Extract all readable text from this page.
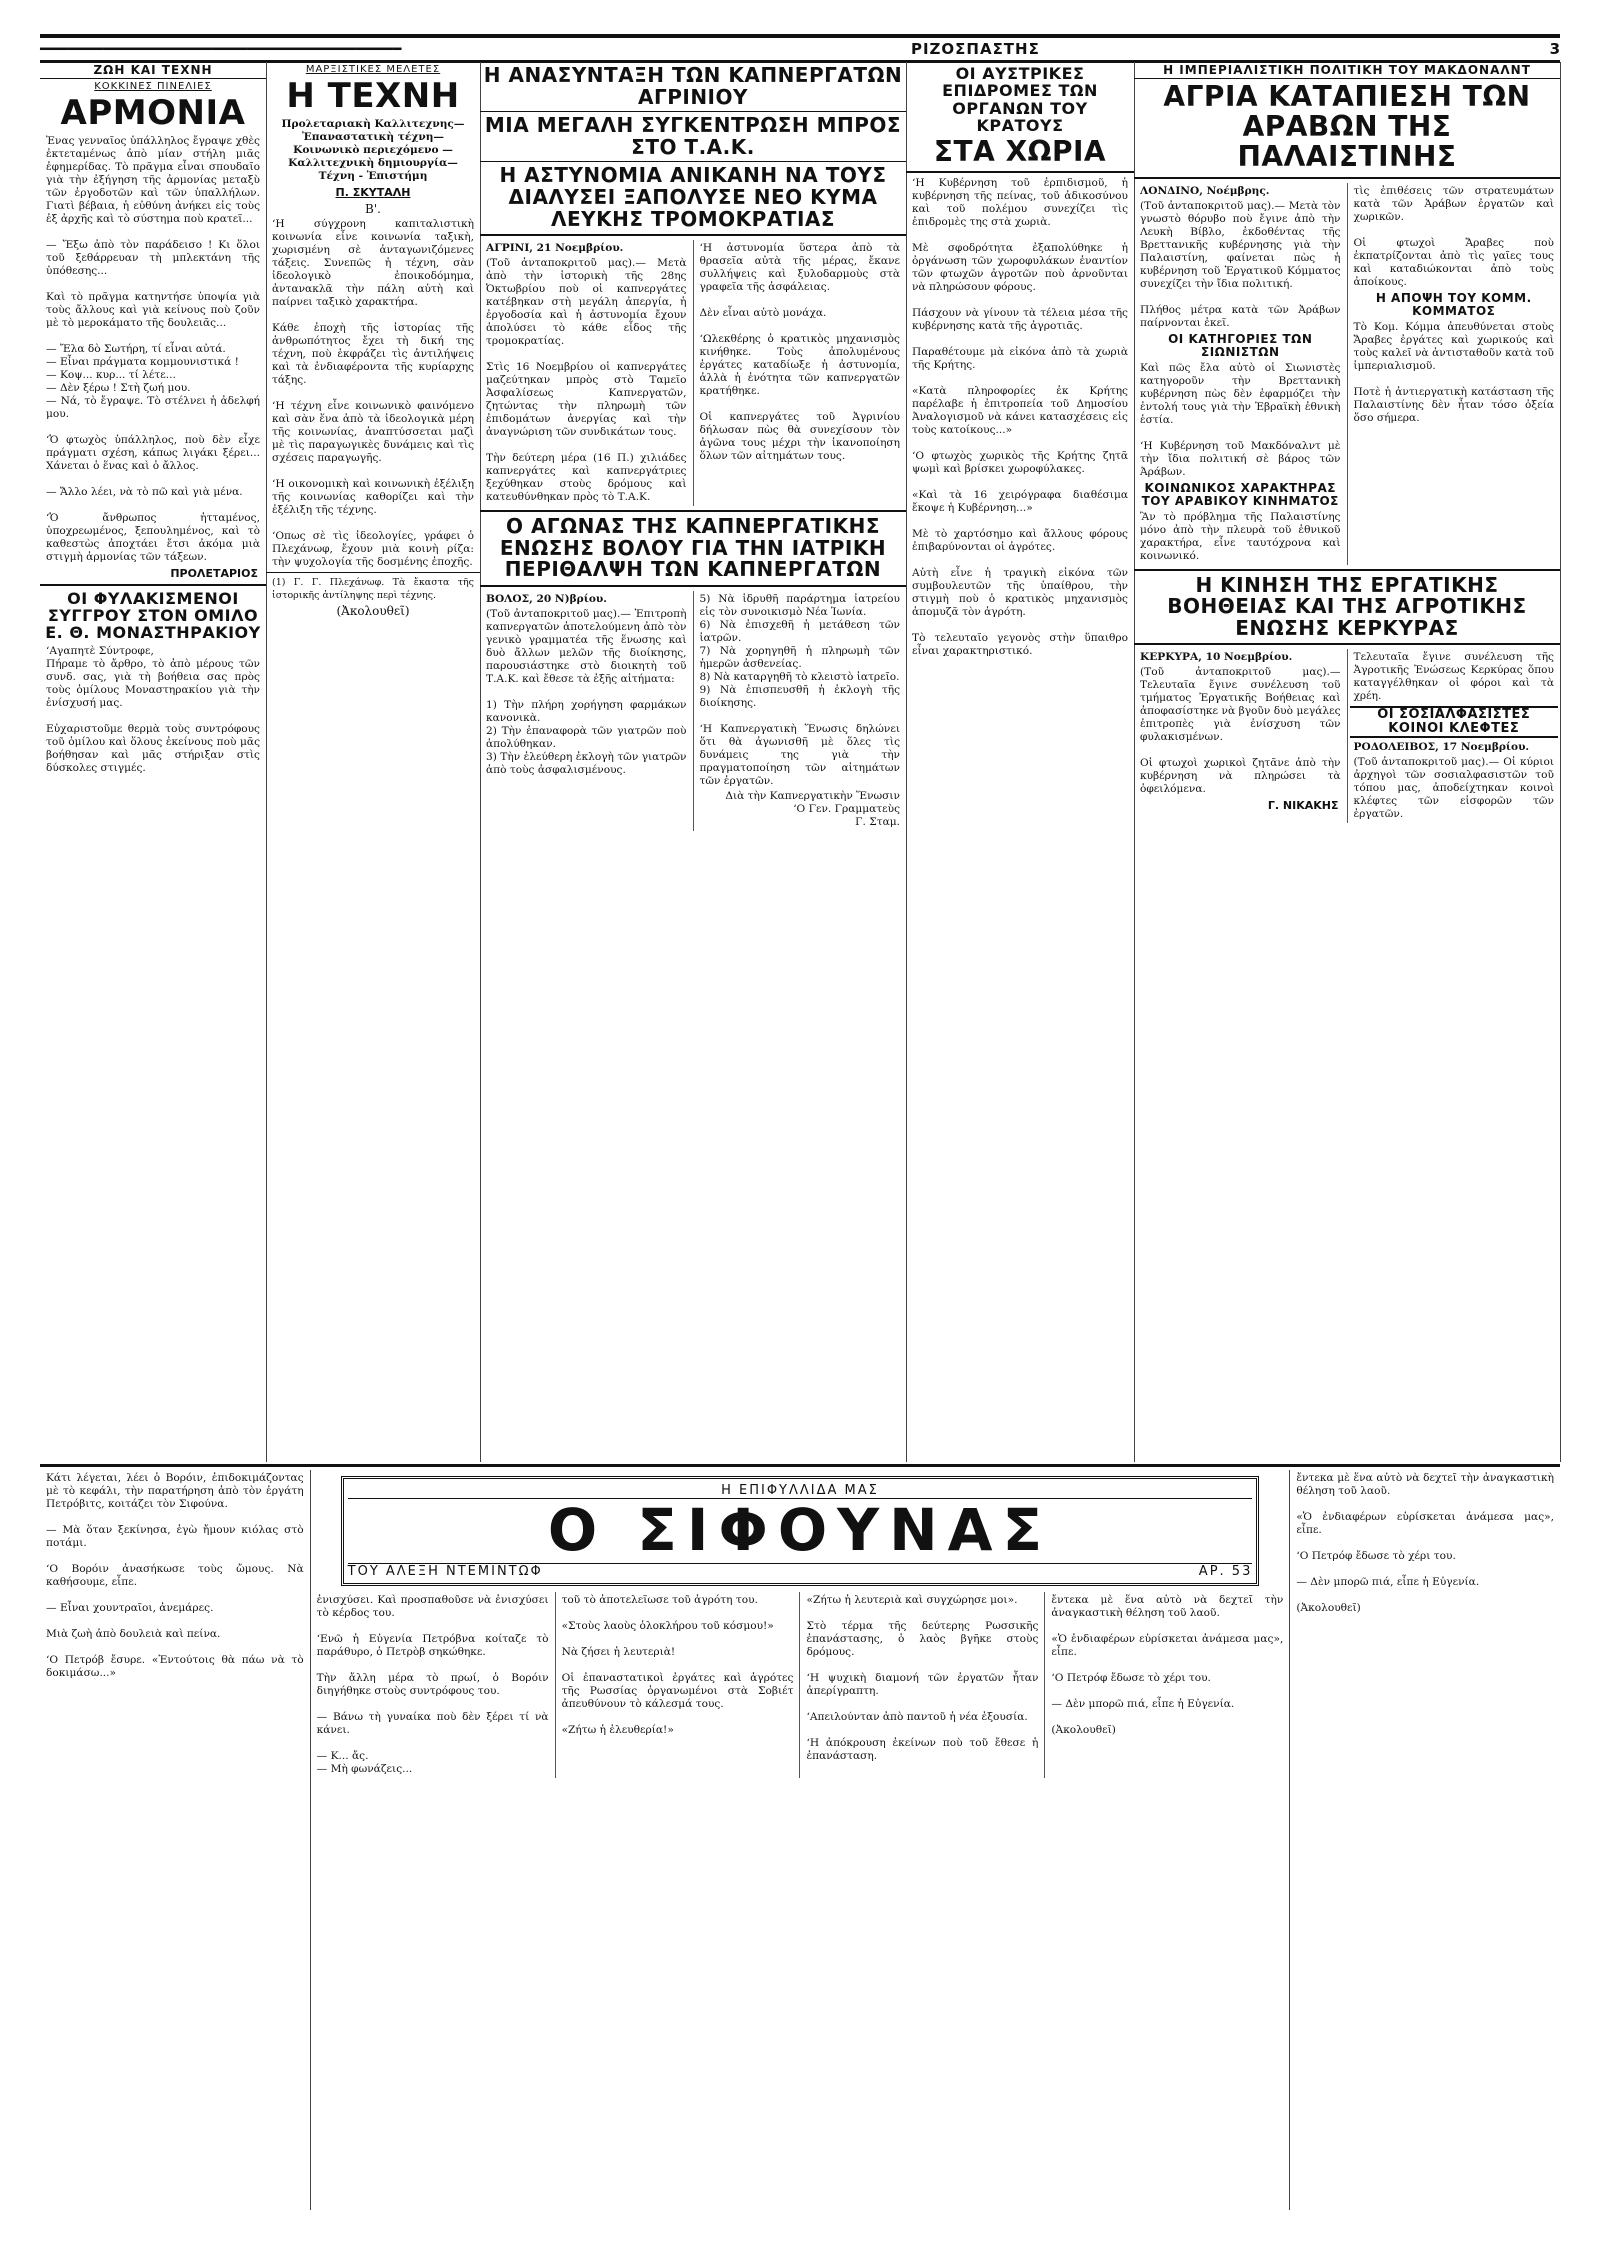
━━━━━━━━━━━━━━━━━━━━━━━━━━━━━━━━━━━━━━━━	ΡΙΖΟΣΠΑΣΤΗΣ	3
ΖΩΗ ΚΑΙ ΤΕΧΝΗ
ΚΟΚΚΙΝΕΣ ΠΙΝΕΛΙΕΣ
ΑΡΜΟΝΙΑ
Ἐνας γενναῖος ὑπάλληλος ἔγραψε χθὲς ἐκτεταμένως ἀπὸ μίαν στήλη μιᾶς ἐφημερίδας. Τὸ πρᾶγμα εἶναι σπουδαῖο γιὰ τὴν ἐξήγηση τῆς ἀρμονίας μεταξὺ τῶν ἐργοδοτῶν καὶ τῶν ὑπαλλήλων. Γιατὶ βέβαια, ἡ εὐθύνη ἀνήκει εἰς τοὺς ἐξ ἀρχῆς καὶ τὸ σύστημα ποὺ κρατεῖ...

— Ἔξω ἀπὸ τὸν παράδεισο ! Κι ὅλοι τοῦ ξεθάρρευαν τὴ μπλεκτάνη τῆς ὑπόθεσης...

Καὶ τὸ πρᾶγμα κατηντήσε ὑποψία γιὰ τοὺς ἄλλους καὶ γιὰ κείνους ποὺ ζοῦν μὲ τὸ μεροκάματο τῆς δουλειᾶς...

— Ἔλα δὸ Σωτήρη, τί εἶναι αὐτά.
— Εἶναι πράγματα κομμουνιστικά !
— Κοψ... κυρ... τί λέτε...
— Δὲν ξέρω ! Στὴ ζωή μου.
— Νά, τὸ ἔγραψε. Τὸ στέλνει ἡ ἀδελφή μου.

‘Ὁ φτωχὸς ὑπάλληλος, ποὺ δὲν εἶχε πράγματι σχέση, κάπως λιγάκι ξέρει... Χάνεται ὁ ἕνας καὶ ὁ ἄλλος.

— Ἄλλο λέει, νὰ τὸ πῶ καὶ γιὰ μένα.

‘Ὁ ἄνθρωπος ἡτταμένος, ὑποχρεωμένος, ξεπουλημένος, καὶ τὸ καθεστὼς ἀποχτάει ἔτσι ἀκόμα μιὰ στιγμὴ ἀρμονίας τῶν τάξεων.
ΠΡΟΛΕΤΑΡΙΟΣ
ΟΙ ΦΥΛΑΚΙΣΜΕΝΟΙ ΣΥΓΓΡΟΥ ΣΤΟΝ ΟΜΙΛΟ Ε. Θ. ΜΟΝΑΣΤΗΡΑΚΙΟΥ
‘Αγαπητὲ Σύντροφε,
Πήραμε τὸ ἄρθρο, τὸ ἀπὸ μέρους τῶν συνδ. σας, γιὰ τὴ βοήθεια σας πρὸς τοὺς ὁμίλους Μοναστηρακίου γιὰ τὴν ἐνίσχυσή μας.

Εὐχαριστοῦμε θερμὰ τοὺς συντρόφους τοῦ ὁμίλου καὶ ὅλους ἐκείνους ποὺ μᾶς βοήθησαν καὶ μᾶς στήριξαν στὶς δύσκολες στιγμές.
ΜΑΡΞΙΣΤΙΚΕΣ ΜΕΛΕΤΕΣ
Η ΤΕΧΝΗ
Προλεταριακὴ Καλλιτεχνης— Ἐπαναστατικὴ τέχνη— Κοινωνικὸ περιεχόμενο — Καλλιτεχνικὴ δημιουργία— Τέχνη - Ἐπιστήμη
Π. ΣΚΥΤΑΛΗ
Β'.
‘Η σύγχρονη καπιταλιστικὴ κοινωνία εἶνε κοινωνία ταξικὴ, χωρισμένη σὲ ἀνταγωνιζόμενες τάξεις. Συνεπῶς ἡ τέχνη, σὰν ἰδεολογικὸ ἐποικοδόμημα, ἀντανακλᾶ τὴν πάλη αὐτὴ καὶ παίρνει ταξικὸ χαρακτήρα.

Κάθε ἐποχὴ τῆς ἱστορίας τῆς ἀνθρωπότητος ἔχει τὴ δική της τέχνη, ποὺ ἐκφράζει τὶς ἀντιλήψεις καὶ τὰ ἐνδιαφέροντα τῆς κυρίαρχης τάξης.

‘Η τέχνη εἶνε κοινωνικὸ φαινόμενο καὶ σὰν ἕνα ἀπὸ τὰ ἰδεολογικὰ μέρη τῆς κοινωνίας, ἀναπτύσσεται μαζὶ μὲ τὶς παραγωγικὲς δυνάμεις καὶ τὶς σχέσεις παραγωγῆς.

‘Η οικονομικὴ καὶ κοινωνικὴ ἐξέλιξη τῆς κοινωνίας καθορίζει καὶ τὴν ἐξέλιξη τῆς τέχνης.

‘Οπως σὲ τὶς ἰδεολογίες, γράφει ὁ Πλεχάνωφ, ἔχουν μιὰ κοινὴ ρίζα: τὴν ψυχολογία τῆς δοσμένης ἐποχῆς.
(1) Γ. Γ. Πλεχάνωφ. Τὰ ἔκαστα τῆς ἱστορικῆς ἀντίληψης περὶ τέχνης.
(Ἀκολουθεῖ)
Η ΑΝΑΣΥΝΤΑΞΗ ΤΩΝ ΚΑΠΝΕΡΓΑΤΩΝ ΑΓΡΙΝΙΟΥ
ΜΙΑ ΜΕΓΑΛΗ ΣΥΓΚΕΝΤΡΩΣΗ ΜΠΡΟΣ ΣΤΟ Τ.Α.Κ.
Η ΑΣΤΥΝΟΜΙΑ ΑΝΙΚΑΝΗ ΝΑ ΤΟΥΣ ΔΙΑΛΥΣΕΙ ΞΑΠΟΛΥΣΕ ΝΕΟ ΚΥΜΑ ΛΕΥΚΗΣ ΤΡΟΜΟΚΡΑΤΙΑΣ
ΑΓΡΙΝΙ, 21 Νοεμβρίου.
(Τοῦ ἀνταποκριτοῦ μας).— Μετὰ ἀπὸ τὴν ἱστορικὴ τῆς 28ης Ὀκτωβρίου ποὺ οἱ καπνεργάτες κατέβηκαν στὴ μεγάλη ἀπεργία, ἡ ἐργοδοσία καὶ ἡ ἀστυνομία ἔχουν ἀπολύσει τὸ κάθε εἶδος τῆς τρομοκρατίας.

Στὶς 16 Νοεμβρίου οἱ καπνεργάτες μαζεύτηκαν μπρὸς στὸ Ταμεῖο Ἀσφαλίσεως Καπνεργατῶν, ζητώντας τὴν πληρωμὴ τῶν ἐπιδομάτων ἀνεργίας καὶ τὴν ἀναγνώριση τῶν συνδικάτων τους.

Τὴν δεύτερη μέρα (16 Π.) χιλιάδες καπνεργάτες καὶ καπνεργάτριες ξεχύθηκαν στοὺς δρόμους καὶ κατευθύνθηκαν πρὸς τὸ Τ.Α.Κ.
‘Η ἀστυνομία ὕστερα ἀπὸ τὰ θρασεῖα αὐτὰ τῆς μέρας, ἔκανε συλλήψεις καὶ ξυλοδαρμοὺς στὰ γραφεῖα τῆς ἀσφάλειας.

Δὲν εἶναι αὐτὸ μονάχα.

‘Ωλεκθέρης ὁ κρατικὸς μηχανισμὸς κινήθηκε. Τοὺς ἀπολυμένους ἐργάτες καταδίωξε ἡ ἀστυνομία, ἀλλὰ ἡ ἑνότητα τῶν καπνεργατῶν κρατήθηκε.

Οἱ καπνεργάτες τοῦ Ἀγρινίου δήλωσαν πὼς θὰ συνεχίσουν τὸν ἀγῶνα τους μέχρι τὴν ἱκανοποίηση ὅλων τῶν αἰτημάτων τους.
Ο ΑΓΩΝΑΣ ΤΗΣ ΚΑΠΝΕΡΓΑΤΙΚΗΣ ΕΝΩΣΗΣ ΒΟΛΟΥ ΓΙΑ ΤΗΝ ΙΑΤΡΙΚΗ ΠΕΡΙΘΑΛΨΗ ΤΩΝ ΚΑΠΝΕΡΓΑΤΩΝ
ΒΟΛΟΣ, 20 Ν)βρίου.
(Τοῦ ἀνταποκριτοῦ μας).— Ἐπιτροπὴ καπνεργατῶν ἀποτελούμενη ἀπὸ τὸν γενικὸ γραμματέα τῆς ἕνωσης καὶ δυὸ ἄλλων μελῶν τῆς διοίκησης, παρουσιάστηκε στὸ διοικητὴ τοῦ Τ.Α.Κ. καὶ ἔθεσε τὰ ἐξῆς αἰτήματα:

1) Τὴν πλήρη χορήγηση φαρμάκων κανονικὰ.
2) Τὴν ἐπαναφορὰ τῶν γιατρῶν ποὺ ἀπολύθηκαν.
3) Τὴν ἐλεύθερη ἐκλογὴ τῶν γιατρῶν ἀπὸ τοὺς ἀσφαλισμένους.
5) Νὰ ἱδρυθῆ παράρτημα ἰατρείου εἰς τὸν συνοικισμὸ Νέα Ἰωνία.
6) Νὰ ἐπισχεθῆ ἡ μετάθεση τῶν ἰατρῶν.
7) Νὰ χορηγηθῆ ἡ πληρωμὴ τῶν ἡμερῶν ἀσθενείας.
8) Νὰ καταργηθῆ τὸ κλειστὸ ἰατρεῖο.
9) Νὰ ἐπισπευσθῆ ἡ ἐκλογὴ τῆς διοίκησης.

‘Η Καπνεργατικὴ Ἕνωσις δηλώνει ὅτι θὰ ἀγωνισθῆ μὲ ὅλες τὶς δυνάμεις της γιὰ τὴν πραγματοποίηση τῶν αἰτημάτων τῶν ἐργατῶν.
Διὰ τὴν Καπνεργατικὴν Ἕνωσιν
‘Ο Γεν. Γραμματεὺς
Γ. Σταμ.
ΟΙ ΑΥΣΤΡΙΚΕΣ ΕΠΙΔΡΟΜΕΣ ΤΩΝ ΟΡΓΑΝΩΝ ΤΟΥ ΚΡΑΤΟΥΣ
ΣΤΑ ΧΩΡΙΑ
‘Η Κυβέρνηση τοῦ ἐρπιδισμοῦ, ἡ κυβέρνηση τῆς πείνας, τοῦ ἀδικοσύνου καὶ τοῦ πολέμου συνεχίζει τὶς ἐπιδρομὲς της στὰ χωριὰ.

Μὲ σφοδρότητα ἐξαπολύθηκε ἡ ὀργάνωση τῶν χωροφυλάκων ἐναντίον τῶν φτωχῶν ἀγροτῶν ποὺ ἀρνοῦνται νὰ πληρώσουν φόρους.

Πάσχουν νὰ γίνουν τὰ τέλεια μέσα τῆς κυβέρνησης κατὰ τῆς ἀγροτιᾶς.

Παραθέτουμε μὰ εἰκόνα ἀπὸ τὰ χωριὰ τῆς Κρήτης.

«Κατὰ πληροφορίες ἐκ Κρήτης παρέλαβε ἡ ἐπιτροπεία τοῦ Δημοσίου Ἀναλογισμοῦ νὰ κάνει κατασχέσεις εἰς τοὺς κατοίκους...»

‘Ο φτωχὸς χωρικὸς τῆς Κρήτης ζητᾶ ψωμὶ καὶ βρίσκει χωροφύλακες.

«Καὶ τὰ 16 χειρόγραφα διαθέσιμα ἔκοψε ἡ Κυβέρνηση...»

Μὲ τὸ χαρτόσημο καὶ ἄλλους φόρους ἐπιβαρύνονται οἱ ἀγρότες.

Αὐτὴ εἶνε ἡ τραγικὴ εἰκόνα τῶν συμβουλευτῶν τῆς ὑπαίθρου, τὴν στιγμὴ ποὺ ὁ κρατικὸς μηχανισμὸς ἀπομυζᾶ τὸν ἀγρότη.

Τὸ τελευταῖο γεγονὸς στὴν ὕπαιθρο εἶναι χαρακτηριστικό.
Η ΙΜΠΕΡΙΑΛΙΣΤΙΚΗ ΠΟΛΙΤΙΚΗ ΤΟΥ ΜΑΚΔΟΝΑΛΝΤ
ΑΓΡΙΑ ΚΑΤΑΠΙΕΣΗ ΤΩΝ ΑΡΑΒΩΝ ΤΗΣ ΠΑΛΑΙΣΤΙΝΗΣ
ΛΟΝΔΙΝΟ, Νοέμβρης.
(Τοῦ ἀνταποκριτοῦ μας).— Μετὰ τὸν γνωστὸ θόρυβο ποὺ ἔγινε ἀπὸ τὴν Λευκὴ Βίβλο, ἐκδοθέντας τῆς Βρεττανικῆς κυβέρνησης γιὰ τὴν Παλαιστίνη, φαίνεται πὼς ἡ κυβέρνηση τοῦ Ἐργατικοῦ Κόμματος συνεχίζει τὴν ἴδια πολιτική.

Πλήθος μέτρα κατὰ τῶν Ἀράβων παίρνονται ἐκεῖ.
ΟΙ ΚΑΤΗΓΟΡΙΕΣ ΤΩΝ ΣΙΩΝΙΣΤΩΝ
Καὶ πῶς ἔλα αὐτὸ οἱ Σιωνιστὲς κατηγοροῦν τὴν Βρεττανικὴ κυβέρνηση πὼς δὲν ἐφαρμόζει τὴν ἐντολή τους γιὰ τὴν Ἑβραϊκὴ ἐθνικὴ ἑστία.

‘Η Κυβέρνηση τοῦ Μακδόναλντ μὲ τὴν ἴδια πολιτική σὲ βάρος τῶν Ἀράβων.
ΚΟΙΝΩΝΙΚΟΣ ΧΑΡΑΚΤΗΡΑΣ ΤΟΥ ΑΡΑΒΙΚΟΥ ΚΙΝΗΜΑΤΟΣ
Ἂν τὸ πρόβλημα τῆς Παλαιστίνης μόνο ἀπὸ τὴν πλευρὰ τοῦ ἐθνικοῦ χαρακτήρα, εἶνε ταυτόχρονα καὶ κοινωνικό.
τὶς ἐπιθέσεις τῶν στρατευμάτων κατὰ τῶν Ἀράβων ἐργατῶν καὶ χωρικῶν.

Οἱ φτωχοὶ Ἄραβες ποὺ ἐκπατρίζονται ἀπὸ τὶς γαῖες τους καὶ καταδιώκονται ἀπὸ τοὺς ἀποίκους.
Η ΑΠΟΨΗ ΤΟΥ ΚΟΜΜ. ΚΟΜΜΑΤΟΣ
Τὸ Κομ. Κόμμα ἀπευθύνεται στοὺς Ἄραβες ἐργάτες καὶ χωρικούς καὶ τοὺς καλεῖ νὰ ἀντισταθοῦν κατὰ τοῦ ἰμπεριαλισμοῦ.

Ποτὲ ἡ ἀντιεργατικὴ κατάσταση τῆς Παλαιστίνης δὲν ἦταν τόσο ὀξεία ὅσο σήμερα.
Η ΚΙΝΗΣΗ ΤΗΣ ΕΡΓΑΤΙΚΗΣ ΒΟΗΘΕΙΑΣ ΚΑΙ ΤΗΣ ΑΓΡΟΤΙΚΗΣ ΕΝΩΣΗΣ ΚΕΡΚΥΡΑΣ
ΚΕΡΚΥΡΑ, 10 Νοεμβρίου.
(Τοῦ ἀνταποκριτοῦ μας).— Τελευταῖα ἔγινε συνέλευση τοῦ τμήματος Ἐργατικῆς Βοήθειας καὶ ἀποφασίστηκε νὰ βγοῦν δυὸ μεγάλες ἐπιτροπὲς γιὰ ἐνίσχυση τῶν φυλακισμένων.

Οἱ φτωχοὶ χωρικοὶ ζητᾶνε ἀπὸ τὴν κυβέρνηση νὰ πληρώσει τὰ ὀφειλόμενα.
Γ. ΝΙΚΑΚΗΣ
Τελευταῖα ἔγινε συνέλευση τῆς Ἀγροτικῆς Ἐνώσεως Κερκύρας ὅπου καταγγέλθηκαν οἱ φόροι καὶ τὰ χρέη.
ΟΙ ΣΟΣΙΑΛΦΑΣΙΣΤΕΣ ΚΟΙΝΟΙ ΚΛΕΦΤΕΣ
ΡΟΔΟΛΕΙΒΟΣ, 17 Νοεμβρίου.
(Τοῦ ἀνταποκριτοῦ μας).— Οἱ κύριοι ἀρχηγοὶ τῶν σοσιαλφασιστῶν τοῦ τόπου μας, ἀποδείχτηκαν κοινοὶ κλέφτες τῶν εἰσφορῶν τῶν ἐργατῶν.
Κάτι λέγεται, λέει ὁ Βορόιν, ἐπιδοκιμάζοντας μὲ τὸ κεφάλι, τὴν παρατήρηση ἀπὸ τὸν ἐργάτη Πετρόβιτς, κοιτάζει τὸν Σιφούνα.

— Μὰ ὅταν ξεκίνησα, ἐγὼ ἤμουν κιόλας στὸ ποτάμι.

‘Ο Βορόιν ἀνασήκωσε τοὺς ὤμους. Νὰ καθήσουμε, εἶπε.

— Εἶναι χουντραῖοι, ἀνεμάρες.

Μιὰ ζωὴ ἀπὸ δουλειὰ καὶ πείνα.

‘Ο Πετρόβ ἔσυρε. «Ἐντούτοις θὰ πάω νὰ τὸ δοκιμάσω...»
Η ΕΠΙΦΥΛΛΙΔΑ ΜΑΣ
Ο ΣΙΦΟΥΝΑΣ
ΤΟΥ ΑΛΕΞΗ ΝΤΕΜΙΝΤΩΦ	ΑΡ. 53
ἐνισχύσει. Καὶ προσπαθοῦσε νὰ ἐνισχύσει τὸ κέρδος του.

‘Ενῶ ἡ Εὐγενία Πετρόβνα κοίταζε τὸ παράθυρο, ὁ Πετρὸβ σηκώθηκε.

Τὴν ἄλλη μέρα τὸ πρωί, ὁ Βορόιν διηγήθηκε στοὺς συντρόφους του.

— Βάνω τὴ γυναίκα ποὺ δὲν ξέρει τί νὰ κάνει.

— Κ... ἄς.
— Μὴ φωνάζεις...
τοῦ τὸ ἀποτελεῖωσε τοῦ ἀγρότη του.

«Στοὺς λαοὺς ὁλοκλήρου τοῦ κόσμου!»

Νὰ ζήσει ἡ λευτεριὰ!

Οἱ ἐπαναστατικοὶ ἐργάτες καὶ ἀγρότες τῆς Ρωσσίας ὀργανωμένοι στὰ Σοβιέτ ἀπευθύνουν τὸ κάλεσμά τους.

«Ζήτω ἡ ἐλευθερία!»
«Ζήτω ἡ λευτεριὰ καὶ συγχώρησε μοι».

Στὸ τέρμα τῆς δεύτερης Ρωσσικῆς ἐπανάστασης, ὁ λαὸς βγῆκε στοὺς δρόμους.

‘Η ψυχικὴ διαμονή τῶν ἐργατῶν ἦταν ἀπερίγραπτη.

‘Απειλούνταν ἀπὸ παντοῦ ἡ νέα ἐξουσία.

‘Η ἀπόκρουση ἐκείνων ποὺ τοῦ ἔθεσε ἡ ἐπανάσταση.
ἔντεκα μὲ ἕνα αὐτὸ νὰ δεχτεῖ τὴν ἀναγκαστικὴ θέληση τοῦ λαοῦ.

«Ὁ ἐνδιαφέρων εὑρίσκεται ἀνάμεσα μας», εἶπε.

‘Ο Πετρόφ ἔδωσε τὸ χέρι του.

— Δὲν μπορῶ πιά, εἶπε ἡ Εὐγενία.

(Ἀκολουθεῖ)
ἔντεκα μὲ ἕνα αὐτὸ νὰ δεχτεῖ τὴν ἀναγκαστικὴ θέληση τοῦ λαοῦ.

«Ὁ ἐνδιαφέρων εὑρίσκεται ἀνάμεσα μας», εἶπε.

‘Ο Πετρόφ ἔδωσε τὸ χέρι του.

— Δὲν μπορῶ πιά, εἶπε ἡ Εὐγενία.

(Ἀκολουθεῖ)
